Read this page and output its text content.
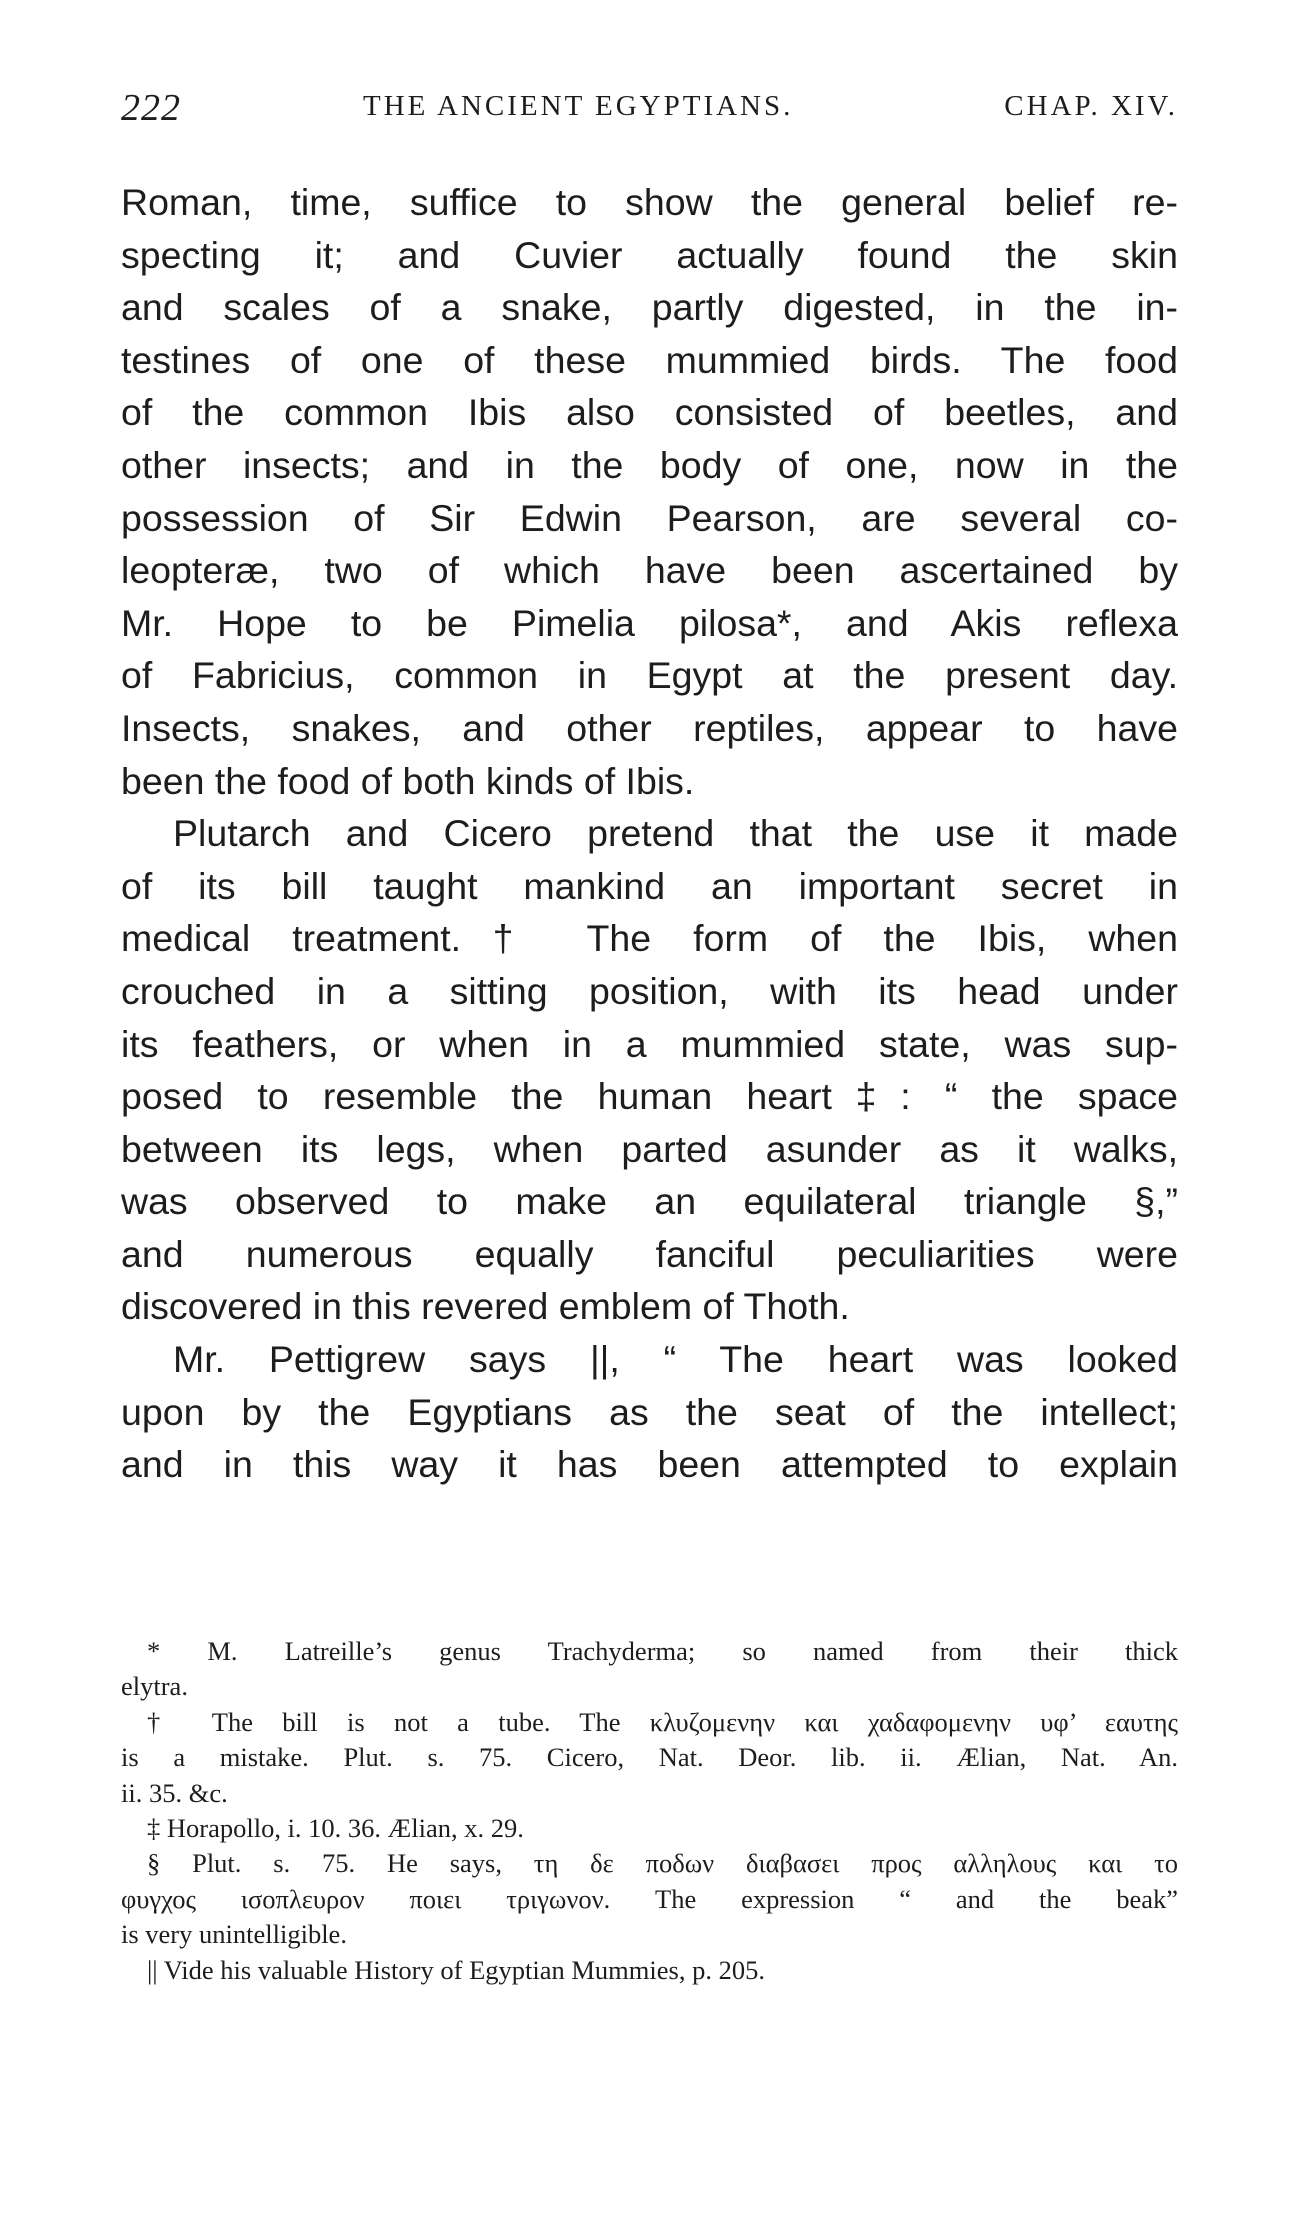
222	THE ANCIENT EGYPTIANS.	CHAP. XIV.
Roman, time, suffice to show the general belief re-
specting it; and Cuvier actually found the skin
and scales of a snake, partly digested, in the in-
testines of one of these mummied birds. The food
of the common Ibis also consisted of beetles, and
other insects; and in the body of one, now in the
possession of Sir Edwin Pearson, are several co-
leopteræ, two of which have been ascertained by
Mr. Hope to be Pimelia pilosa*, and Akis reflexa
of Fabricius, common in Egypt at the present day.
Insects, snakes, and other reptiles, appear to have
been the food of both kinds of Ibis.
Plutarch and Cicero pretend that the use it made
of its bill taught mankind an important secret in
medical treatment.† The form of the Ibis, when
crouched in a sitting position, with its head under
its feathers, or when in a mummied state, was sup-
posed to resemble the human heart‡: “ the space
between its legs, when parted asunder as it walks,
was observed to make an equilateral triangle §,”
and numerous equally fanciful peculiarities were
discovered in this revered emblem of Thoth.
Mr. Pettigrew says ||, “ The heart was looked
upon by the Egyptians as the seat of the intellect;
and in this way it has been attempted to explain
* M. Latreille’s genus Trachyderma; so named from their thick
elytra.
† The bill is not a tube. The κλυζομενην και χαδαφομενην υφ’ εαυτης
is a mistake. Plut. s. 75. Cicero, Nat. Deor. lib. ii. Ælian, Nat. An.
ii. 35. &c.
‡ Horapollo, i. 10. 36. Ælian, x. 29.
§ Plut. s. 75. He says, τη δε ποδων διαβασει προς αλληλους και το
φυγχος ισοπλευρον ποιει τριγωνον. The expression “ and the beak”
is very unintelligible.
|| Vide his valuable History of Egyptian Mummies, p. 205.
